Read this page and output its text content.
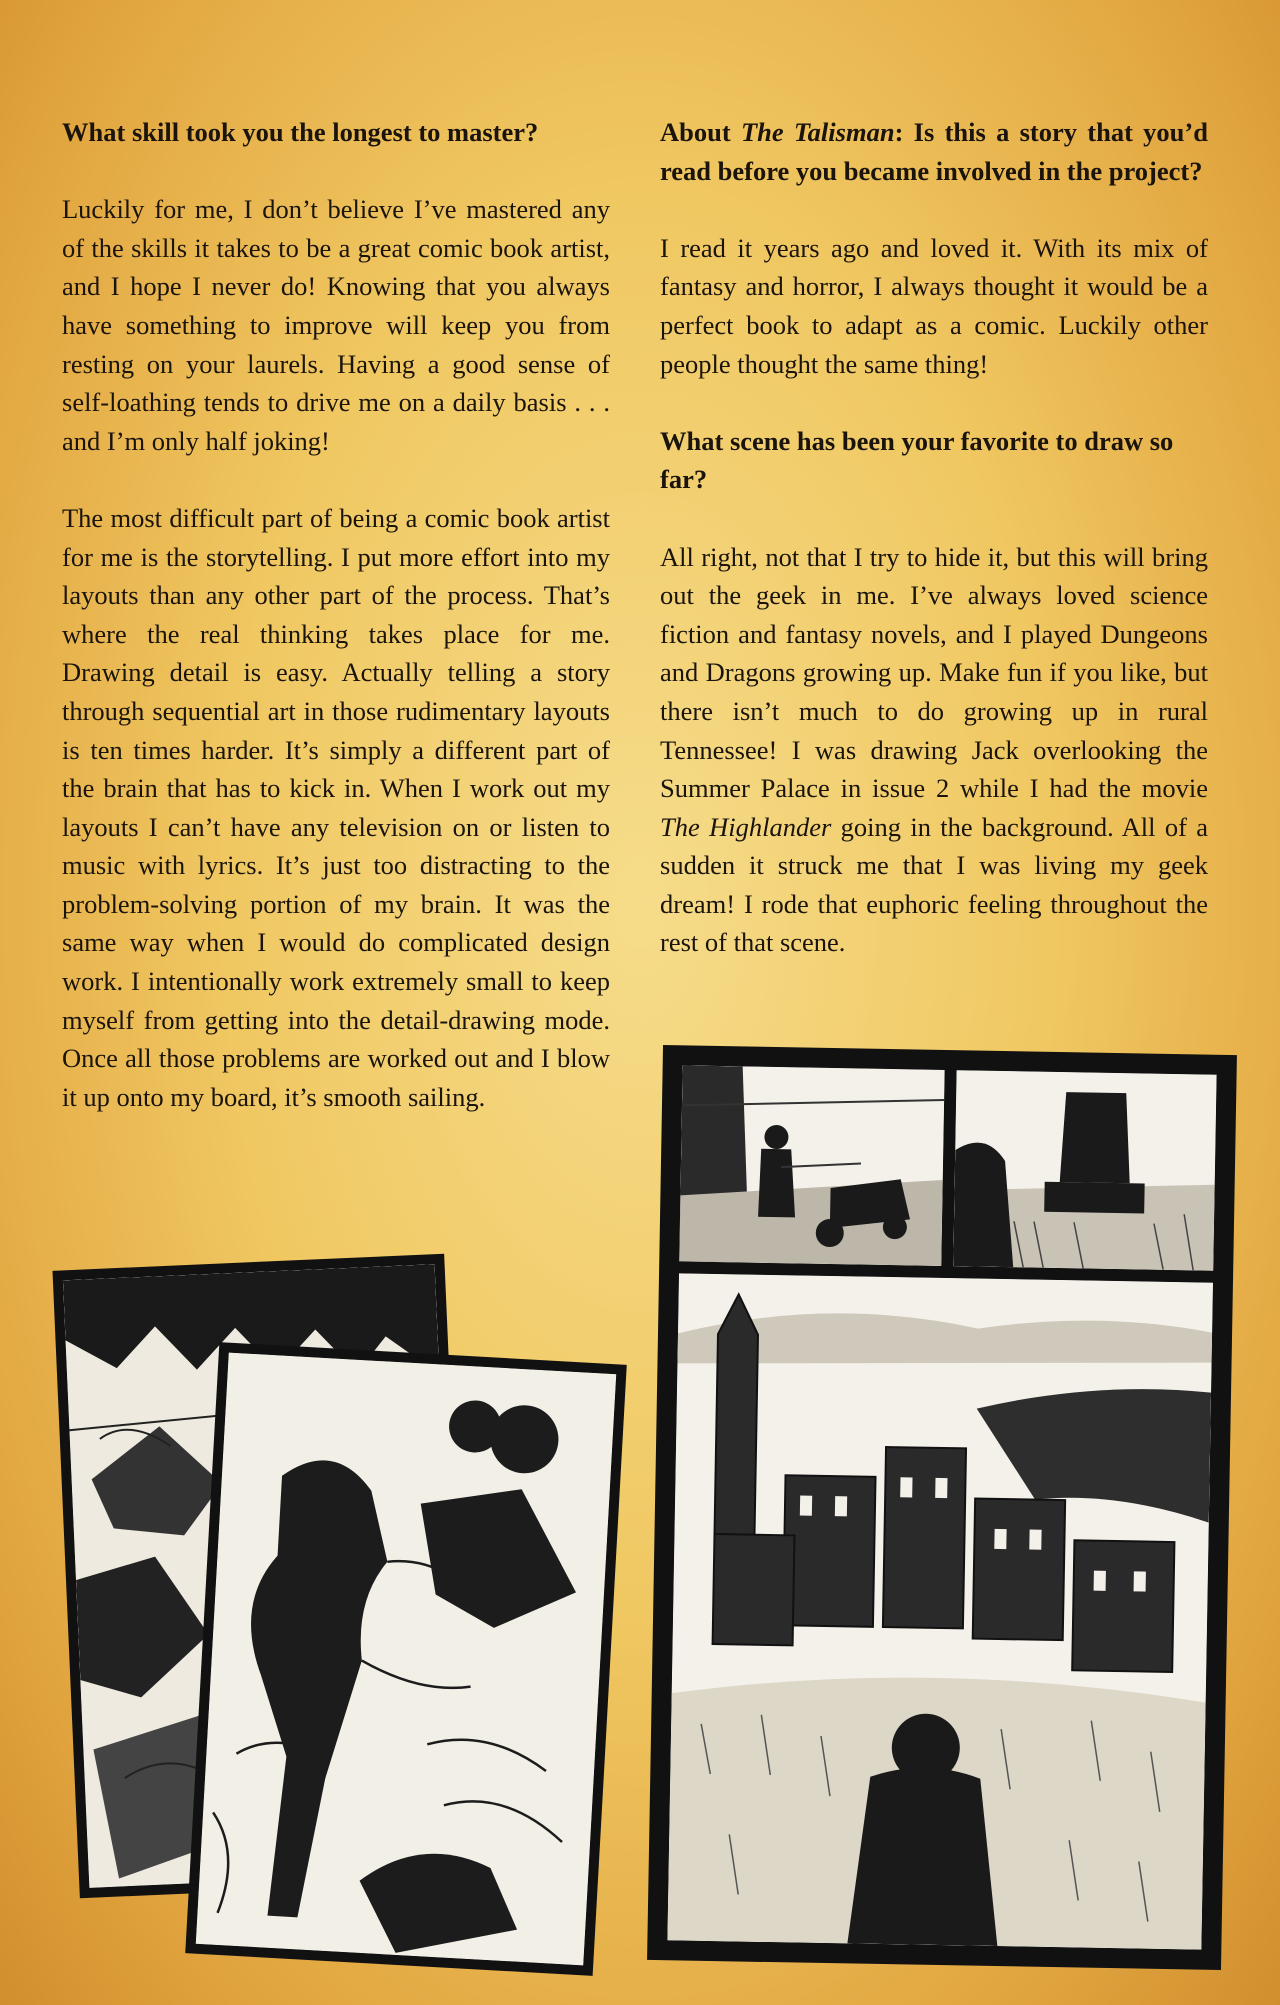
What skill took you the longest to master?

Luckily for me, I don’t believe I’ve mastered any of the skills it takes to be a great comic book artist, and I hope I never do! Knowing that you always have something to improve will keep you from resting on your laurels. Having a good sense of self-loathing tends to drive me on a daily basis . . . and I’m only half joking!

The most difficult part of being a comic book artist for me is the storytelling. I put more effort into my layouts than any other part of the process. That’s where the real thinking takes place for me. Drawing detail is easy. Actually telling a story through sequential art in those rudimentary layouts is ten times harder. It’s simply a different part of the brain that has to kick in. When I work out my layouts I can’t have any television on or listen to music with lyrics. It’s just too distracting to the problem-solving portion of my brain. It was the same way when I would do complicated design work. I intentionally work extremely small to keep myself from getting into the detail-drawing mode. Once all those problems are worked out and I blow it up onto my board, it’s smooth sailing.

About The Talisman: Is this a story that you’d read before you became involved in the project?

I read it years ago and loved it. With its mix of fantasy and horror, I always thought it would be a perfect book to adapt as a comic. Luckily other people thought the same thing!

What scene has been your favorite to draw so far?

All right, not that I try to hide it, but this will bring out the geek in me. I’ve always loved science fiction and fantasy novels, and I played Dungeons and Dragons growing up. Make fun if you like, but there isn’t much to do growing up in rural Tennessee! I was drawing Jack overlooking the Summer Palace in issue 2 while I had the movie The Highlander going in the background. All of a sudden it struck me that I was living my geek dream! I rode that euphoric feeling throughout the rest of that scene.
